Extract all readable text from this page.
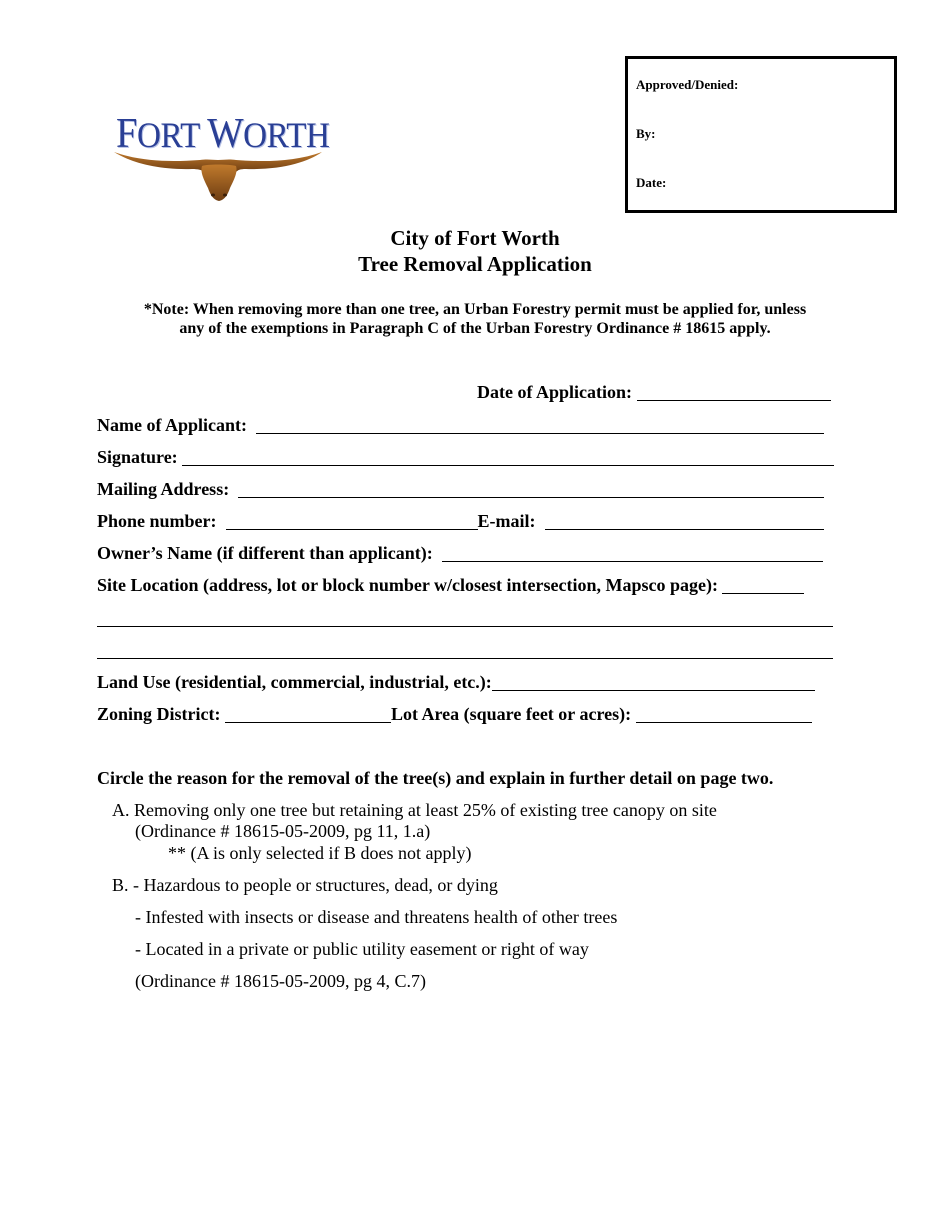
FORT WORTH
Approved/Denied:
By:
Date:
City of Fort Worth
Tree Removal Application
*Note: When removing more than one tree, an Urban Forestry permit must be applied for, unless
any of the exemptions in Paragraph C of the Urban Forestry Ordinance # 18615 apply.
Date of Application:
Name of Applicant:
Signature:
Mailing Address:
Phone number:	E-mail:
Owner’s Name (if different than applicant):
Site Location (address, lot or block number w/closest intersection, Mapsco page):
Land Use (residential, commercial, industrial, etc.):
Zoning District:	Lot Area (square feet or acres):
Circle the reason for the removal of the tree(s) and explain in further detail on page two.
A. Removing only one tree but retaining at least 25% of existing tree canopy on site
(Ordinance # 18615-05-2009, pg 11, 1.a)
** (A is only selected if B does not apply)
B. - Hazardous to people or structures, dead, or dying
- Infested with insects or disease and threatens health of other trees
- Located in a private or public utility easement or right of way
(Ordinance # 18615-05-2009, pg 4, C.7)
